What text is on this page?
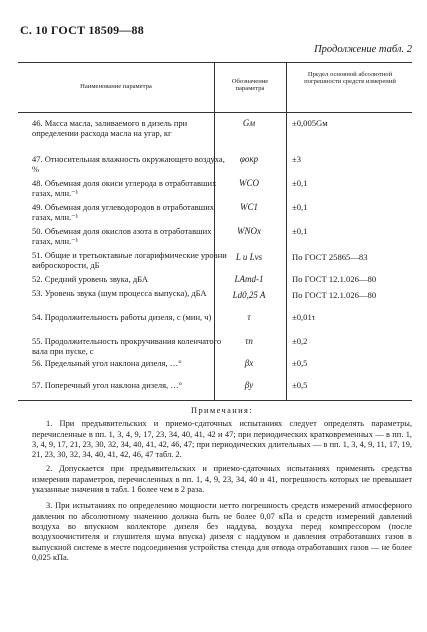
С. 10 ГОСТ 18509—88
Продолжение табл. 2
Наименование параметра
Обозначение параметра
Предел основной абсолютной погрешности средств измерений
46. Масса масла, заливаемого в дизель при определении расхода масла на угар, кг
Gм	±0,005Gм
47. Относительная влажность окружающего воздуха, %
φокр	±3
48. Объемная доля окиси углерода в отработавших газах, млн.⁻¹
WCO	±0,1
49. Объемная доля углеводородов в отработавших газах, млн.⁻¹
WC1	±0,1
50. Объемная доля окислов азота в отработавших газах, млн.⁻¹
WNOx	±0,1
51. Общие и третьоктавные логарифмические уровни виброскорости, дБ
L и Lvs	По ГОСТ 25865—83
52. Средний уровень звука, дБА	LAmd-1	По ГОСТ 12.1.026—80
53. Уровень звука (шум процесса выпуска), дБА	Ld0,25 A	По ГОСТ 12.1.026—80
54. Продолжительность работы дизеля, с (мин, ч)	τ	±0,01τ
55. Продолжительность прокручивания коленчатого вала при пуске, с
τп	±0,2
56. Предельный угол наклона дизеля, …°	βx	±0,5
57. Поперечный угол наклона дизеля, …°	βy	±0,5
Примечания:

1. При предъявительских и приемо-сдаточных испытаниях следует определять параметры, перечисленные в пп. 1, 3, 4, 9, 17, 23, 34, 40, 41, 42 и 47; при периодических кратковременных — в пп. 1, 3, 4, 9, 17, 21, 23, 30, 32, 34, 40, 41, 42, 46, 47; при периодических длительных — в пп. 1, 3, 4, 9, 11, 17, 19, 21, 23, 30, 32, 34, 40, 41, 42, 46, 47 табл. 2.

2. Допускается при предъявительских и приемо-сдаточных испытаниях применять средства измерения параметров, перечисленных в пп. 1, 4, 9, 23, 34, 40 и 41, погрешность которых не превышает указанные значения в табл. 1 более чем в 2 раза.

3. При испытаниях по определению мощности нетто погрешность средств измерений атмосферного давления по абсолютному значению должна быть не более 0,07 кПа и средств измерений давлений воздуха во впускном коллекторе дизеля без наддува, воздуха перед компрессором (после воздухоочистителя и глушителя шума впуска) дизеля с наддувом и давления отработавших газов в выпускной системе в месте подсоединения устройства стенда для отвода отработавших газов — не более 0,025 кПа.
